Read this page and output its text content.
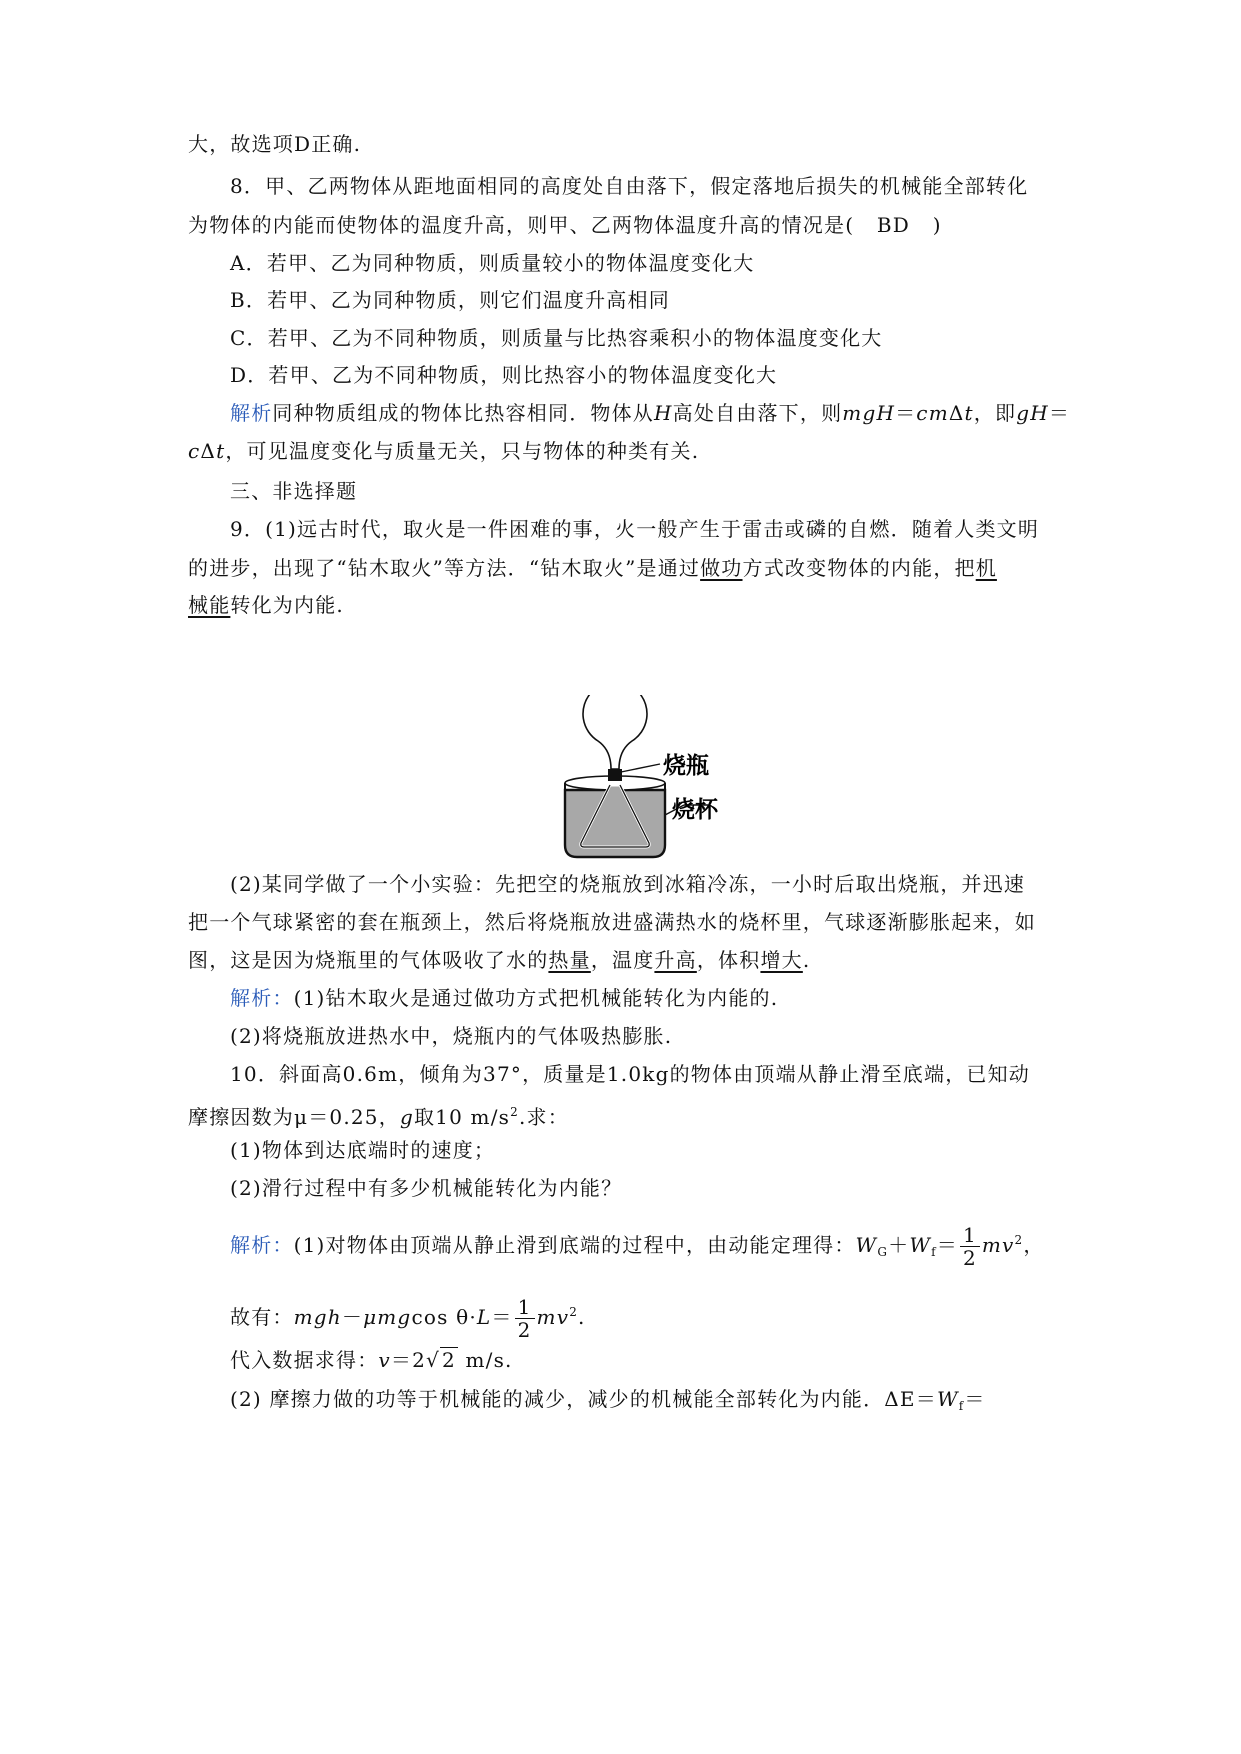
大，故选项D正确.
8．甲、乙两物体从距地面相同的高度处自由落下，假定落地后损失的机械能全部转化
为物体的内能而使物体的温度升高，则甲、乙两物体温度升高的情况是( BD )
A．若甲、乙为同种物质，则质量较小的物体温度变化大
B．若甲、乙为同种物质，则它们温度升高相同
C．若甲、乙为不同种物质，则质量与比热容乘积小的物体温度变化大
D．若甲、乙为不同种物质，则比热容小的物体温度变化大
解析同种物质组成的物体比热容相同．物体从H高处自由落下，则mgH＝cmΔt，即gH＝
cΔt，可见温度变化与质量无关，只与物体的种类有关.
三、非选择题
9．(1)远古时代，取火是一件困难的事，火一般产生于雷击或磷的自燃．随着人类文明
的进步，出现了“钻木取火”等方法．“钻木取火”是通过做功方式改变物体的内能，把机
械能转化为内能.
烧瓶
烧杯
(2)某同学做了一个小实验：先把空的烧瓶放到冰箱冷冻，一小时后取出烧瓶，并迅速
把一个气球紧密的套在瓶颈上，然后将烧瓶放进盛满热水的烧杯里，气球逐渐膨胀起来，如
图，这是因为烧瓶里的气体吸收了水的热量，温度升高，体积增大.
解析：(1)钻木取火是通过做功方式把机械能转化为内能的.
(2)将烧瓶放进热水中，烧瓶内的气体吸热膨胀.
10．斜面高0.6m，倾角为37°，质量是1.0kg的物体由顶端从静止滑至底端，已知动
摩擦因数为μ＝0.25，g取10 $m/s^2$.求：
(1)物体到达底端时的速度；
(2)滑行过程中有多少机械能转化为内能？
解析：(1)对物体由顶端从静止滑到底端的过程中，由动能定理得：$W_G+W_f= \frac{1}{2} mv^2$，
故有：mgh－μmgcos $\theta\cdot L= \frac{1}{2} mv^2$.
代入数据求得：v＝2√ 2 m/s.
(2) 摩擦力做的功等于机械能的减少，减少的机械能全部转化为内能．$\Delta E=W_f=$
